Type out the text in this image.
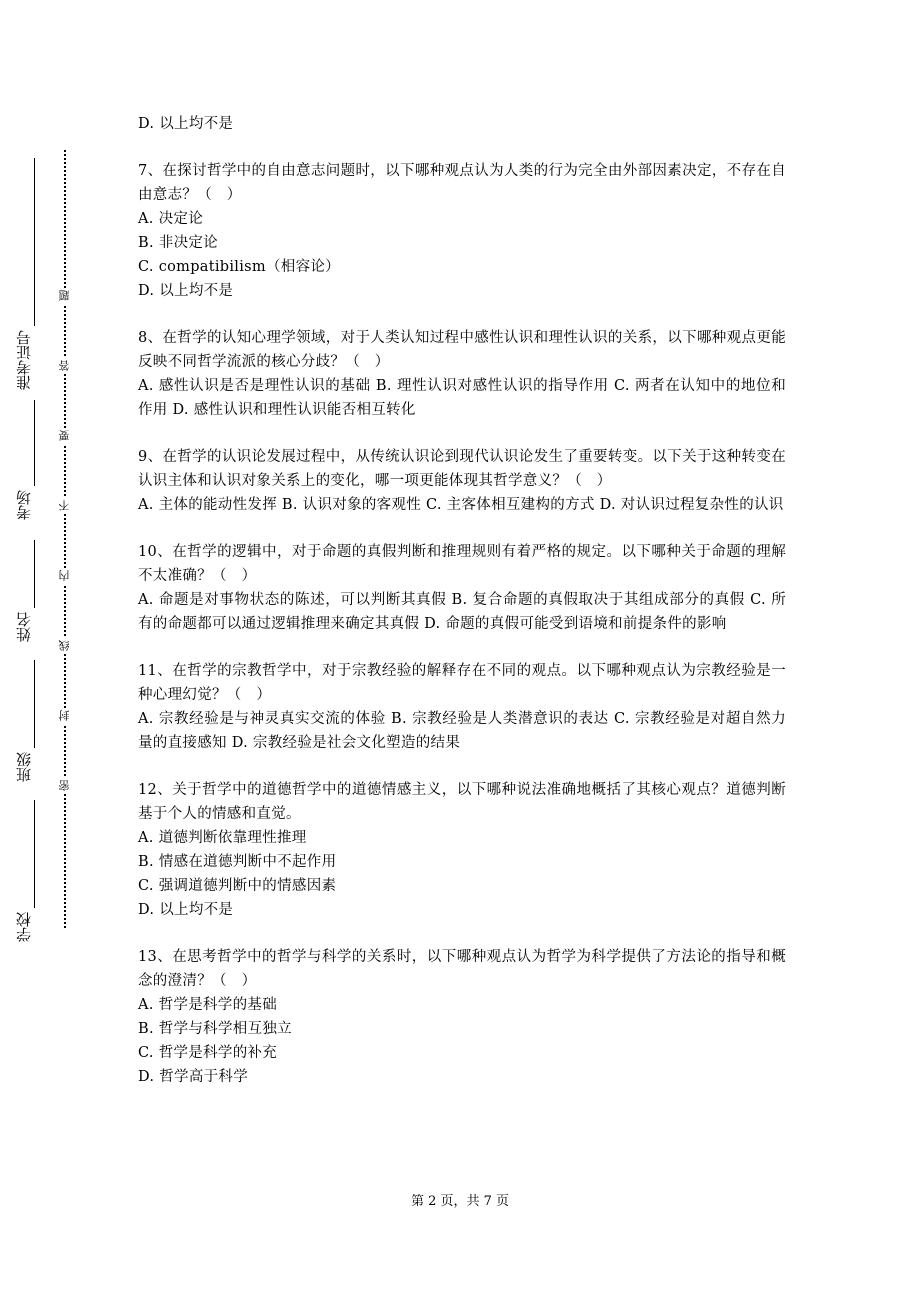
准考证号
考场
姓名
班级
学校
题
答
要
不
内
线
封
密
D. 以上均不是
7、在探讨哲学中的自由意志问题时，以下哪种观点认为人类的行为完全由外部因素决定，不存在自由意志？（　）
A. 决定论
B. 非决定论
C. compatibilism（相容论）
D. 以上均不是
8、在哲学的认知心理学领域，对于人类认知过程中感性认识和理性认识的关系，以下哪种观点更能反映不同哲学流派的核心分歧？（　）
A. 感性认识是否是理性认识的基础 B. 理性认识对感性认识的指导作用 C. 两者在认知中的地位和作用 D. 感性认识和理性认识能否相互转化
9、在哲学的认识论发展过程中，从传统认识论到现代认识论发生了重要转变。以下关于这种转变在认识主体和认识对象关系上的变化，哪一项更能体现其哲学意义？（　）
A. 主体的能动性发挥 B. 认识对象的客观性 C. 主客体相互建构的方式 D. 对认识过程复杂性的认识
10、在哲学的逻辑中，对于命题的真假判断和推理规则有着严格的规定。以下哪种关于命题的理解不太准确？（　）
A. 命题是对事物状态的陈述，可以判断其真假 B. 复合命题的真假取决于其组成部分的真假 C. 所有的命题都可以通过逻辑推理来确定其真假 D. 命题的真假可能受到语境和前提条件的影响
11、在哲学的宗教哲学中，对于宗教经验的解释存在不同的观点。以下哪种观点认为宗教经验是一种心理幻觉？（　）
A. 宗教经验是与神灵真实交流的体验 B. 宗教经验是人类潜意识的表达 C. 宗教经验是对超自然力量的直接感知 D. 宗教经验是社会文化塑造的结果
12、关于哲学中的道德哲学中的道德情感主义，以下哪种说法准确地概括了其核心观点？道德判断基于个人的情感和直觉。
A. 道德判断依靠理性推理
B. 情感在道德判断中不起作用
C. 强调道德判断中的情感因素
D. 以上均不是
13、在思考哲学中的哲学与科学的关系时，以下哪种观点认为哲学为科学提供了方法论的指导和概念的澄清？（　）
A. 哲学是科学的基础
B. 哲学与科学相互独立
C. 哲学是科学的补充
D. 哲学高于科学
第 2 页，共 7 页
